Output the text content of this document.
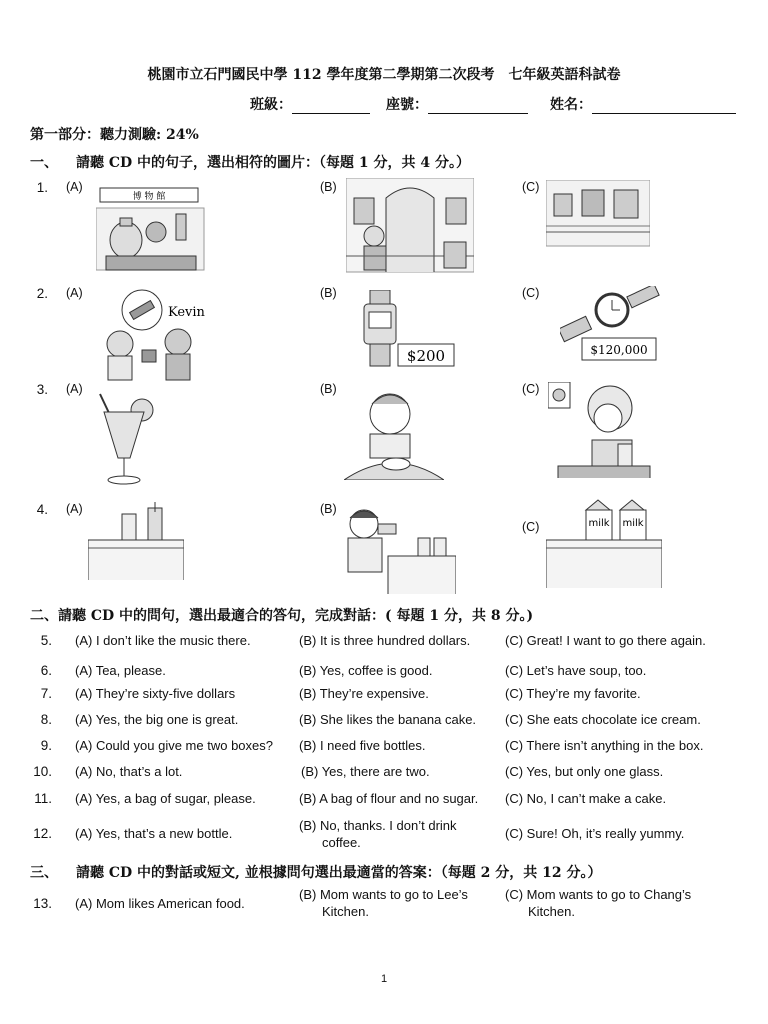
桃園市立石門國民中學 112 學年度第二學期第二次段考　七年級英語科試卷
班級：	座號：	姓名：
第一部分：聽力測驗: 24%
一、 請聽 CD 中的句子，選出相符的圖片：（每題 1 分，共 4 分。）
1. (A)	(B)	(C)
博 物 館
2. (A)	(B)	(C)
Kevin
$200	$120,000
3. (A)	(B)	(C)
4. (A)	(B)
(C)	milk milk
二、請聽 CD 中的問句，選出最適合的答句，完成對話：( 每題 1 分，共 8 分。)
5. (A) I don’t like the music there.	(B) It is three hundred dollars.	(C) Great! I want to go there again.
6. (A) Tea, please.	(B) Yes, coffee is good.	(C) Let’s have soup, too.
7. (A) They’re sixty-five dollars	(B) They’re expensive.	(C) They’re my favorite.
8. (A) Yes, the big one is great.	(B) She likes the banana cake. (C) She eats chocolate ice cream.
9. (A) Could you give me two boxes? (B) I need five bottles.	(C) There isn’t anything in the box.
10. (A) No, that’s a lot.	(B) Yes, there are two.	(C) Yes, but only one glass.
11. (A) Yes, a bag of sugar, please.	(B) A bag of flour and no sugar. (C) No, I can’t make a cake.
12. (A) Yes, that’s a new bottle.
(B) No, thanks. I don’t drink
coffee.
(C) Sure! Oh, it’s really yummy.
三、 請聽 CD 中的對話或短文, 並根據問句選出最適當的答案：（每題 2 分，共 12 分。）
13. (A) Mom likes American food.
(B) Mom wants to go to Lee’s
Kitchen.
(C) Mom wants to go to Chang’s
Kitchen.
1
